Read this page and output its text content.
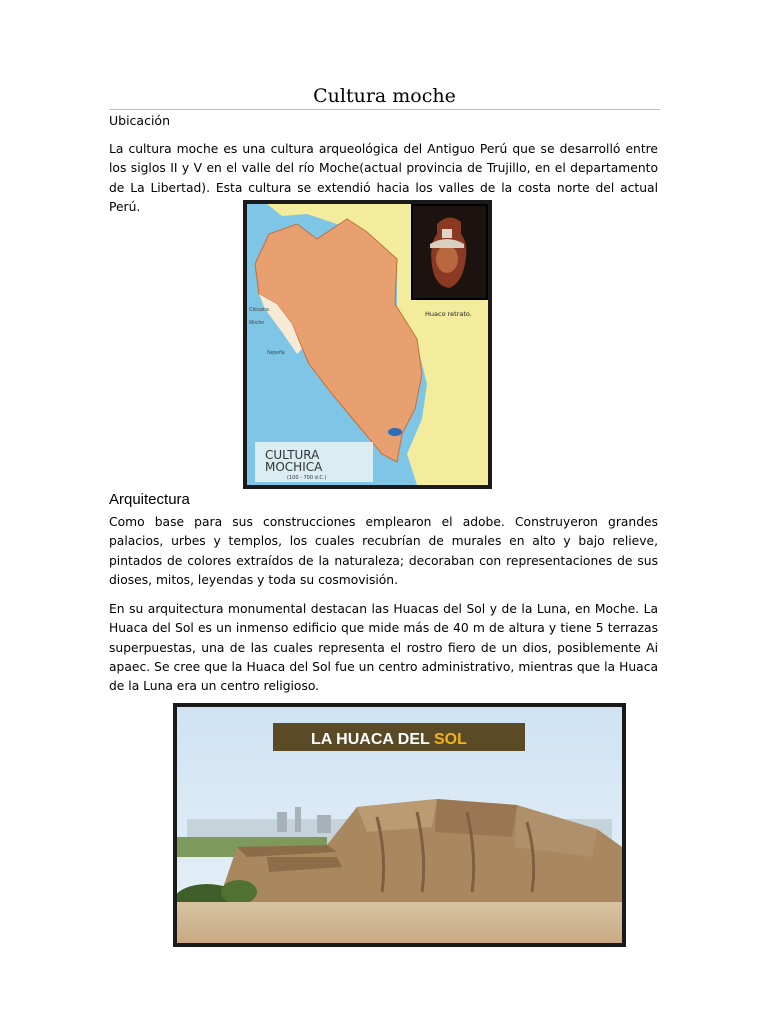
Cultura moche
Ubicación

La cultura moche es una cultura arqueológica del Antiguo Perú que se desarrolló entre los siglos II y V en el valle del río Moche(actual provincia de Trujillo, en el departamento de La Libertad). Esta cultura se extendió hacia los valles de la costa norte del actual Perú.

Chicama
Moche
Nepeña
Huaco retrato.
CULTURA
MOCHICA
(100 - 700 d.C.)
Arquitectura

Como base para sus construcciones emplearon el adobe. Construyeron grandes palacios, urbes y templos, los cuales recubrían de murales en alto y bajo relieve, pintados de colores extraídos de la naturaleza; decoraban con representaciones de sus dioses, mitos, leyendas y toda su cosmovisión.

En su arquitectura monumental destacan las Huacas del Sol y de la Luna, en Moche. La Huaca del Sol es un inmenso edificio que mide más de 40 m de altura y tiene 5 terrazas superpuestas, una de las cuales representa el rostro fiero de un dios, posiblemente Ai apaec. Se cree que la Huaca del Sol fue un centro administrativo, mientras que la Huaca de la Luna era un centro religioso.

LA HUACA DEL SOL
